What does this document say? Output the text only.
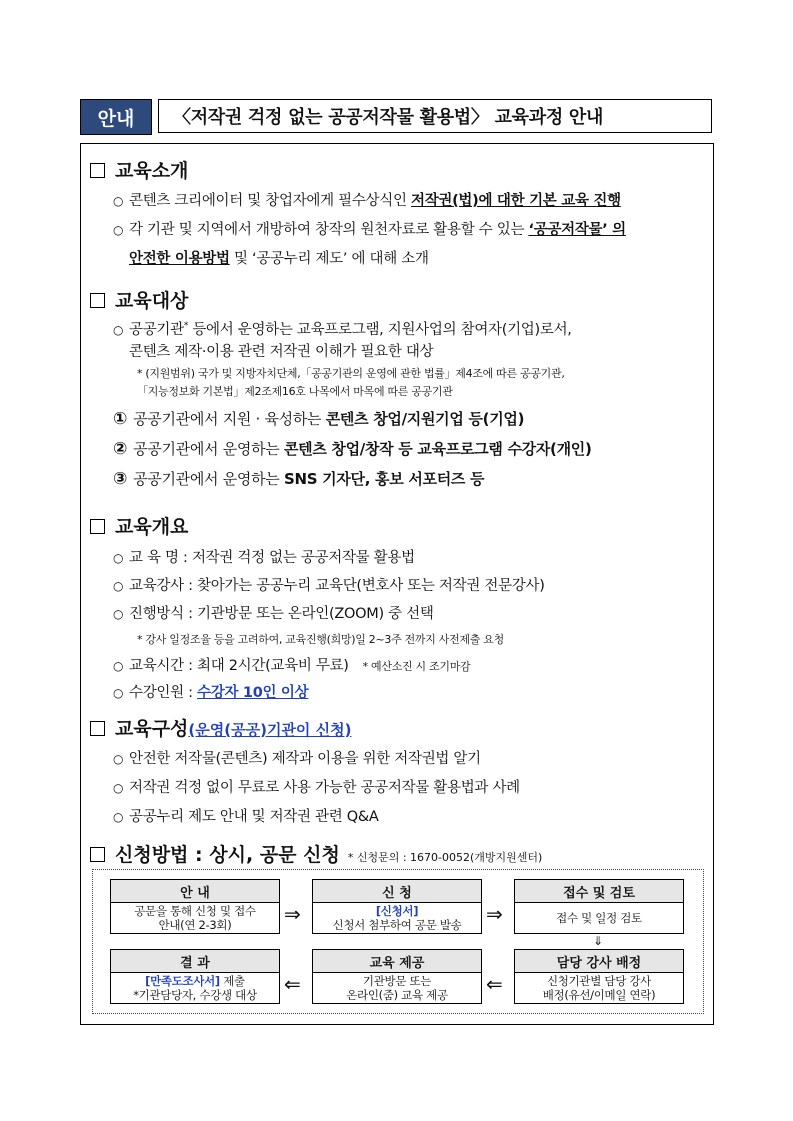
안내	〈저작권 걱정 없는 공공저작물 활용법〉 교육과정 안내
교육소개
○ 콘텐츠 크리에이터 및 창업자에게 필수상식인 저작권(법)에 대한 기본 교육 진행
○ 각 기관 및 지역에서 개방하여 창작의 원천자료로 활용할 수 있는 ‘공공저작물’ 의
안전한 이용방법 및 ‘공공누리 제도’ 에 대해 소개
교육대상
○ 공공기관* 등에서 운영하는 교육프로그램, 지원사업의 참여자(기업)로서,
콘텐츠 제작·이용 관련 저작권 이해가 필요한 대상
* (지원범위) 국가 및 지방자치단체,「공공기관의 운영에 관한 법률」제4조에 따른 공공기관,
「지능정보화 기본법」제2조제16호 나목에서 마목에 따른 공공기관
① 공공기관에서 지원 · 육성하는 콘텐츠 창업/지원기업 등(기업)
② 공공기관에서 운영하는 콘텐츠 창업/창작 등 교육프로그램 수강자(개인)
③ 공공기관에서 운영하는 SNS 기자단, 홍보 서포터즈 등
교육개요
○ 교 육 명 : 저작권 걱정 없는 공공저작물 활용법
○ 교육강사 : 찾아가는 공공누리 교육단(변호사 또는 저작권 전문강사)
○ 진행방식 : 기관방문 또는 온라인(ZOOM) 중 선택
* 강사 일정조율 등을 고려하여, 교육진행(희망)일 2~3주 전까지 사전제출 요청
○ 교육시간 : 최대 2시간(교육비 무료) * 예산소진 시 조기마감
○ 수강인원 : 수강자 10인 이상
교육구성(운영(공공)기관이 신청)
○ 안전한 저작물(콘텐츠) 제작과 이용을 위한 저작권법 알기
○ 저작권 걱정 없이 무료로 사용 가능한 공공저작물 활용법과 사례
○ 공공누리 제도 안내 및 저작권 관련 Q&A
신청방법 : 상시, 공문 신청 * 신청문의 : 1670-0052(개방지원센터)
안 내
공문을 통해 신청 및 접수
안내(연 2-3회)	⇒
신 청
[신청서]
신청서 첨부하여 공문 발송 ⇒
접수 및 검토
접수 및 일정 검토
⇓
결 과
[만족도조사서] 제출
*기관담당자, 수강생 대상 ⇐
교육 제공
기관방문 또는
온라인(줌) 교육 제공 ⇐
담당 강사 배정
신청기관별 담당 강사
배정(유선/이메일 연락)
